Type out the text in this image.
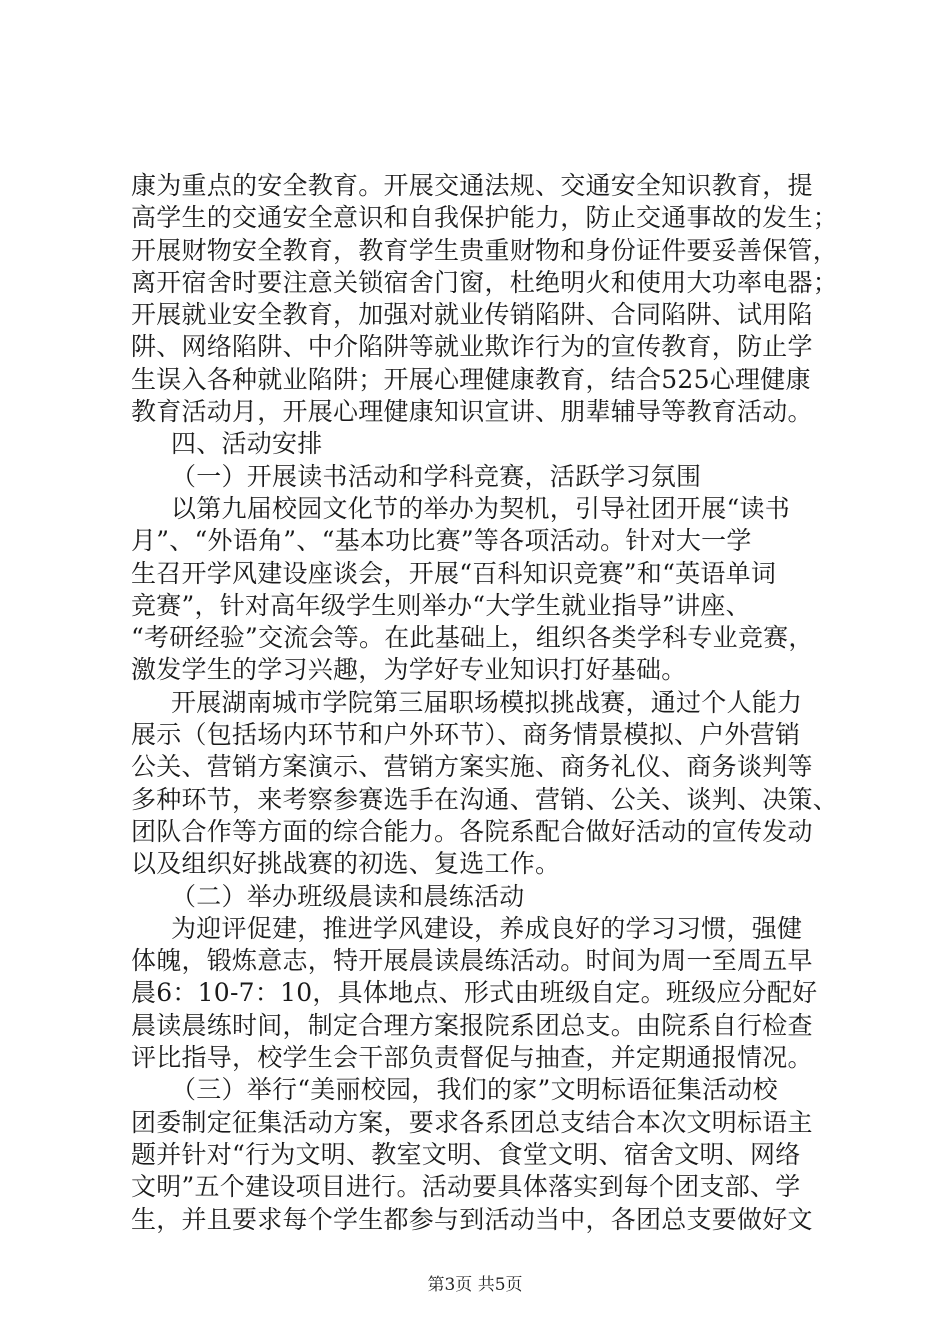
康为重点的安全教育。开展交通法规、交通安全知识教育，提
高学生的交通安全意识和自我保护能力，防止交通事故的发生；
开展财物安全教育，教育学生贵重财物和身份证件要妥善保管，
离开宿舍时要注意关锁宿舍门窗，杜绝明火和使用大功率电器；
开展就业安全教育，加强对就业传销陷阱、合同陷阱、试用陷
阱、网络陷阱、中介陷阱等就业欺诈行为的宣传教育，防止学
生误入各种就业陷阱；开展心理健康教育，结合525心理健康
教育活动月，开展心理健康知识宣讲、朋辈辅导等教育活动。
四、活动安排
（一）开展读书活动和学科竞赛，活跃学习氛围
以第九届校园文化节的举办为契机，引导社团开展“读书
月”、“外语角”、“基本功比赛”等各项活动。针对大一学
生召开学风建设座谈会，开展“百科知识竞赛”和“英语单词
竞赛”，针对高年级学生则举办“大学生就业指导”讲座、
“考研经验”交流会等。在此基础上，组织各类学科专业竞赛，
激发学生的学习兴趣，为学好专业知识打好基础。
开展湖南城市学院第三届职场模拟挑战赛，通过个人能力
展示（包括场内环节和户外环节）、商务情景模拟、户外营销
公关、营销方案演示、营销方案实施、商务礼仪、商务谈判等
多种环节，来考察参赛选手在沟通、营销、公关、谈判、决策、
团队合作等方面的综合能力。各院系配合做好活动的宣传发动
以及组织好挑战赛的初选、复选工作。
（二）举办班级晨读和晨练活动
为迎评促建，推进学风建设，养成良好的学习习惯，强健
体魄，锻炼意志，特开展晨读晨练活动。时间为周一至周五早
晨6：10-7：10，具体地点、形式由班级自定。班级应分配好
晨读晨练时间，制定合理方案报院系团总支。由院系自行检查
评比指导，校学生会干部负责督促与抽查，并定期通报情况。
（三）举行“美丽校园，我们的家”文明标语征集活动校
团委制定征集活动方案，要求各系团总支结合本次文明标语主
题并针对“行为文明、教室文明、食堂文明、宿舍文明、网络
文明”五个建设项目进行。活动要具体落实到每个团支部、学
生，并且要求每个学生都参与到活动当中，各团总支要做好文
第3页 共5页
